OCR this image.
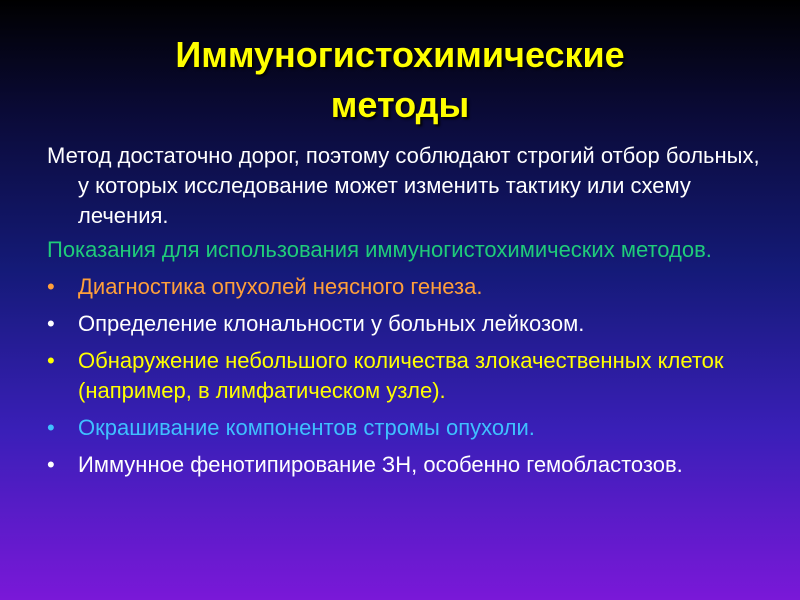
Иммуногистохимические
методы

Метод достаточно дорог, поэтому соблюдают строгий отбор больных, у которых исследование может изменить тактику или схему лечения.

Показания для использования иммуногистохимических методов.

•	Диагностика опухолей неясного генеза.
•	Определение клональности у больных лейкозом.
•	Обнаружение небольшого количества злокачественных клеток (например, в лимфатическом узле).
•	Окрашивание компонентов стромы опухоли.
•	Иммунное фенотипирование ЗН, особенно гемобластозов.
